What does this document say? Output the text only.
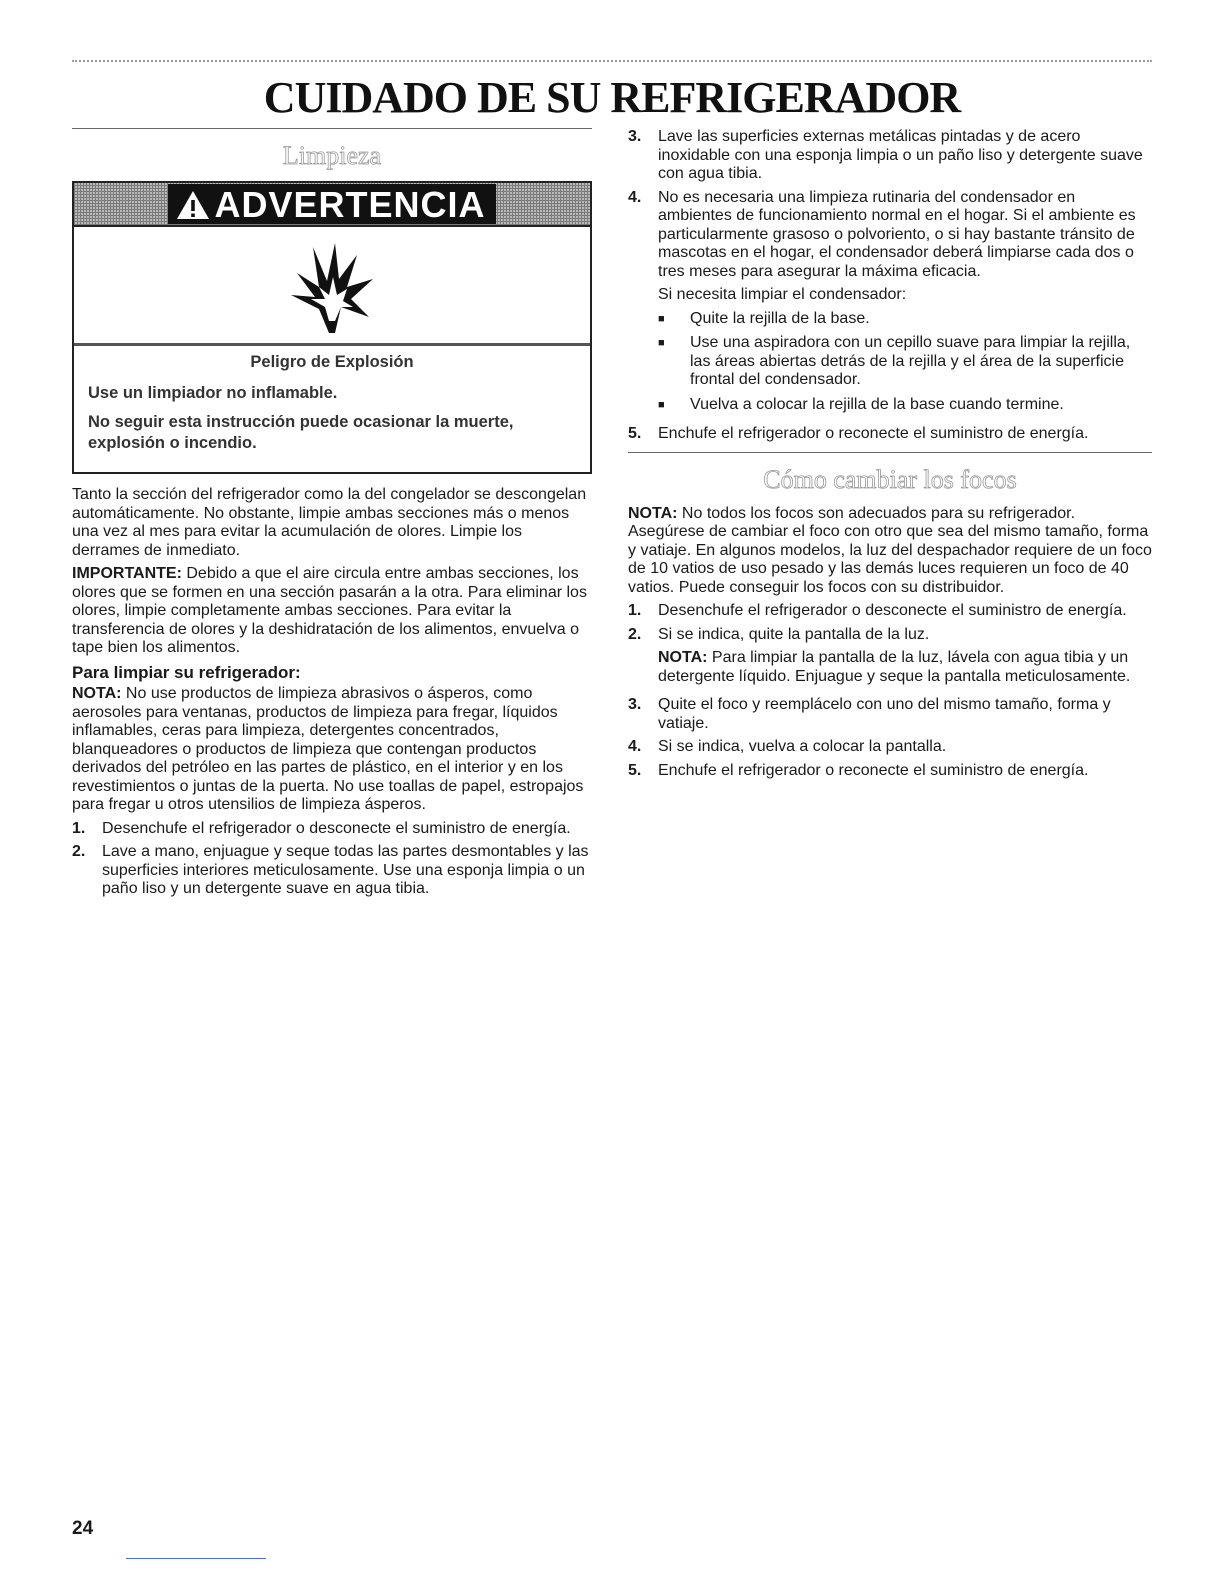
CUIDADO DE SU REFRIGERADOR
Limpieza
ADVERTENCIA

Peligro de Explosión

Use un limpiador no inflamable.

No seguir esta instrucción puede ocasionar la muerte, explosión o incendio.

Tanto la sección del refrigerador como la del congelador se descongelan automáticamente. No obstante, limpie ambas secciones más o menos una vez al mes para evitar la acumulación de olores. Limpie los derrames de inmediato.

IMPORTANTE: Debido a que el aire circula entre ambas secciones, los olores que se formen en una sección pasarán a la otra. Para eliminar los olores, limpie completamente ambas secciones. Para evitar la transferencia de olores y la deshidratación de los alimentos, envuelva o tape bien los alimentos.

Para limpiar su refrigerador:

NOTA: No use productos de limpieza abrasivos o ásperos, como aerosoles para ventanas, productos de limpieza para fregar, líquidos inflamables, ceras para limpieza, detergentes concentrados, blanqueadores o productos de limpieza que contengan productos derivados del petróleo en las partes de plástico, en el interior y en los revestimientos o juntas de la puerta. No use toallas de papel, estropajos para fregar u otros utensilios de limpieza ásperos.

1.	Desenchufe el refrigerador o desconecte el suministro de energía.
2.	Lave a mano, enjuague y seque todas las partes desmontables y las superficies interiores meticulosamente. Use una esponja limpia o un paño liso y un detergente suave en agua tibia.
3.	Lave las superficies externas metálicas pintadas y de acero inoxidable con una esponja limpia o un paño liso y detergente suave con agua tibia.
4.	No es necesaria una limpieza rutinaria del condensador en ambientes de funcionamiento normal en el hogar. Si el ambiente es particularmente grasoso o polvoriento, o si hay bastante tránsito de mascotas en el hogar, el condensador deberá limpiarse cada dos o tres meses para asegurar la máxima eficacia.

Si necesita limpiar el condensador:

■	Quite la rejilla de la base.
■	Use una aspiradora con un cepillo suave para limpiar la rejilla, las áreas abiertas detrás de la rejilla y el área de la superficie frontal del condensador.
■	Vuelva a colocar la rejilla de la base cuando termine.
5.	Enchufe el refrigerador o reconecte el suministro de energía.
Cómo cambiar los focos

NOTA: No todos los focos son adecuados para su refrigerador. Asegúrese de cambiar el foco con otro que sea del mismo tamaño, forma y vatiaje. En algunos modelos, la luz del despachador requiere de un foco de 10 vatios de uso pesado y las demás luces requieren un foco de 40 vatios. Puede conseguir los focos con su distribuidor.

1.	Desenchufe el refrigerador o desconecte el suministro de energía.
2.	Si se indica, quite la pantalla de la luz.

NOTA: Para limpiar la pantalla de la luz, lávela con agua tibia y un detergente líquido. Enjuague y seque la pantalla meticulosamente.

3.	Quite el foco y reemplácelo con uno del mismo tamaño, forma y vatiaje.
4.	Si se indica, vuelva a colocar la pantalla.
5.	Enchufe el refrigerador o reconecte el suministro de energía.
24
